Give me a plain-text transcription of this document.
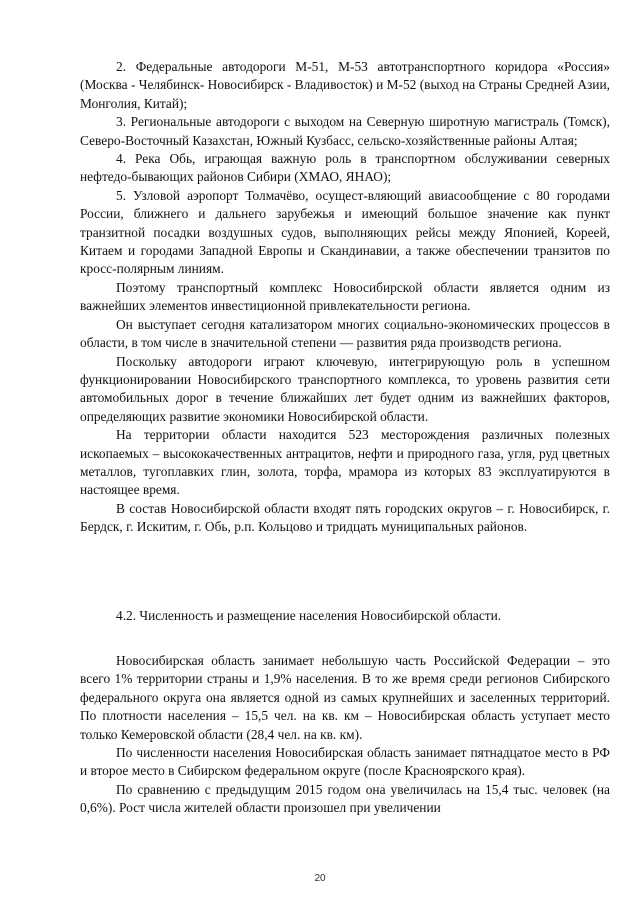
2. Федеральные автодороги М-51, М-53 автотранспортного коридора «Россия» (Москва - Челябинск- Новосибирск - Владивосток) и М-52 (выход на Страны Средней Азии, Монголия, Китай);

3. Региональные автодороги с выходом на Северную широтную магистраль (Томск), Северо-Восточный Казахстан, Южный Кузбасс, сельско-хозяйственные районы Алтая;

4. Река Обь, играющая важную роль в транспортном обслуживании северных нефтедо-бывающих районов Сибири (ХМАО, ЯНАО);

5. Узловой аэропорт Толмачёво, осущест-вляющий авиасообщение с 80 городами России, ближнего и дальнего зарубежья и имеющий большое значение как пункт транзитной посадки воздушных судов, выполняющих рейсы между Японией, Кореей, Китаем и городами Западной Европы и Скандинавии, а также обеспечении транзитов по кросс-полярным линиям.

Поэтому транспортный комплекс Новосибирской области является одним из важнейших элементов инвестиционной привлекательности региона.

Он выступает сегодня катализатором многих социально-экономических процессов в области, в том числе в значительной степени — развития ряда производств региона.

Поскольку автодороги играют ключевую, интегрирующую роль в успешном функционировании Новосибирского транспортного комплекса, то уровень развития сети автомобильных дорог в течение ближайших лет будет одним из важнейших факторов, определяющих развитие экономики Новосибирской области.

На территории области находится 523 месторождения различных полезных ископаемых – высококачественных антрацитов, нефти и природного газа, угля, руд цветных металлов, тугоплавких глин, золота, торфа, мрамора из которых 83 эксплуатируются в настоящее время.

В состав Новосибирской области входят пять городских округов – г. Новосибирск, г. Бердск, г. Искитим, г. Обь, р.п. Кольцово и тридцать муниципальных районов.

4.2. Численность и размещение населения Новосибирской области.

Новосибирская область занимает небольшую часть Российской Федерации – это всего 1% территории страны и 1,9% населения. В то же время среди регионов Сибирского федерального округа она является одной из самых крупнейших и заселенных территорий. По плотности населения – 15,5 чел. на кв. км – Новосибирская область уступает место только Кемеровской области (28,4 чел. на кв. км).

По численности населения Новосибирская область занимает пятнадцатое место в РФ и второе место в Сибирском федеральном округе (после Красноярского края).

По сравнению с предыдущим 2015 годом она увеличилась на 15,4 тыс. человек (на 0,6%). Рост числа жителей области произошел при увеличении

20
